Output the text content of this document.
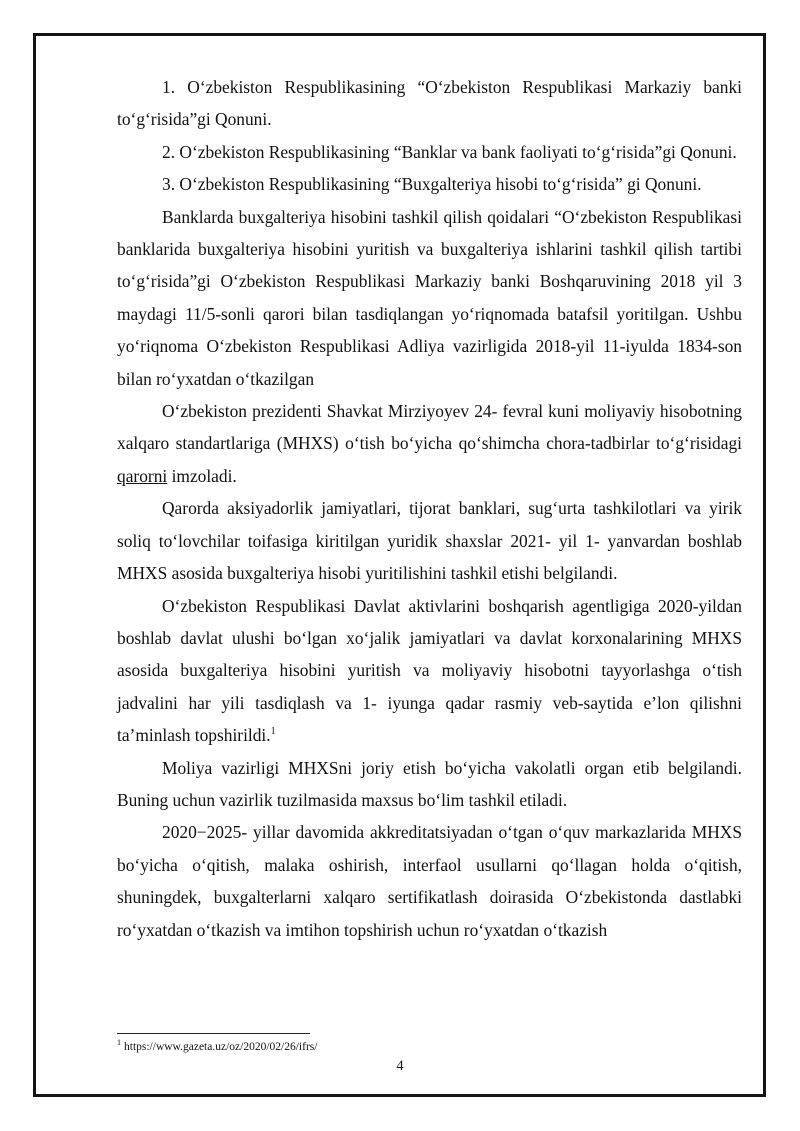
1. O‘zbekiston Respublikasining “O‘zbekiston Respublikasi Markaziy banki to‘g‘risida”gi Qonuni.

2. O‘zbekiston Respublikasining “Banklar va bank faoliyati to‘g‘risida”gi Qonuni.

3. O‘zbekiston Respublikasining “Buxgalteriya hisobi to‘g‘risida” gi Qonuni.

Banklarda buxgalteriya hisobini tashkil qilish qoidalari “O‘zbekiston Respublikasi banklarida buxgalteriya hisobini yuritish va buxgalteriya ishlarini tashkil qilish tartibi to‘g‘risida”gi O‘zbekiston Respublikasi Markaziy banki Boshqaruvining 2018 yil 3 maydagi 11/5-sonli qarori bilan tasdiqlangan yo‘riqnomada batafsil yoritilgan. Ushbu yo‘riqnoma O‘zbekiston Respublikasi Adliya vazirligida 2018-yil 11-iyulda 1834-son bilan ro‘yxatdan o‘tkazilgan

O‘zbekiston prezidenti Shavkat Mirziyoyev 24- fevral kuni moliyaviy hisobotning xalqaro standartlariga (MHXS) o‘tish bo‘yicha qo‘shimcha chora-tadbirlar to‘g‘risidagi qarorni imzoladi.

Qarorda aksiyadorlik jamiyatlari, tijorat banklari, sug‘urta tashkilotlari va yirik soliq to‘lovchilar toifasiga kiritilgan yuridik shaxslar 2021- yil 1- yanvardan boshlab MHXS asosida buxgalteriya hisobi yuritilishini tashkil etishi belgilandi.

O‘zbekiston Respublikasi Davlat aktivlarini boshqarish agentligiga 2020-yildan boshlab davlat ulushi bo‘lgan xo‘jalik jamiyatlari va davlat korxonalarining MHXS asosida buxgalteriya hisobini yuritish va moliyaviy hisobotni tayyorlashga o‘tish jadvalini har yili tasdiqlash va 1- iyunga qadar rasmiy veb-saytida e’lon qilishni ta’minlash topshirildi.$^1$

Moliya vazirligi MHXSni joriy etish bo‘yicha vakolatli organ etib belgilandi. Buning uchun vazirlik tuzilmasida maxsus bo‘lim tashkil etiladi.

2020−2025- yillar davomida akkreditatsiyadan o‘tgan o‘quv markazlarida MHXS bo‘yicha o‘qitish, malaka oshirish, interfaol usullarni qo‘llagan holda o‘qitish, shuningdek, buxgalterlarni xalqaro sertifikatlash doirasida O‘zbekistonda dastlabki ro‘yxatdan o‘tkazish va imtihon topshirish uchun ro‘yxatdan o‘tkazish

$^1$ https://www.gazeta.uz/oz/2020/02/26/ifrs/
4
